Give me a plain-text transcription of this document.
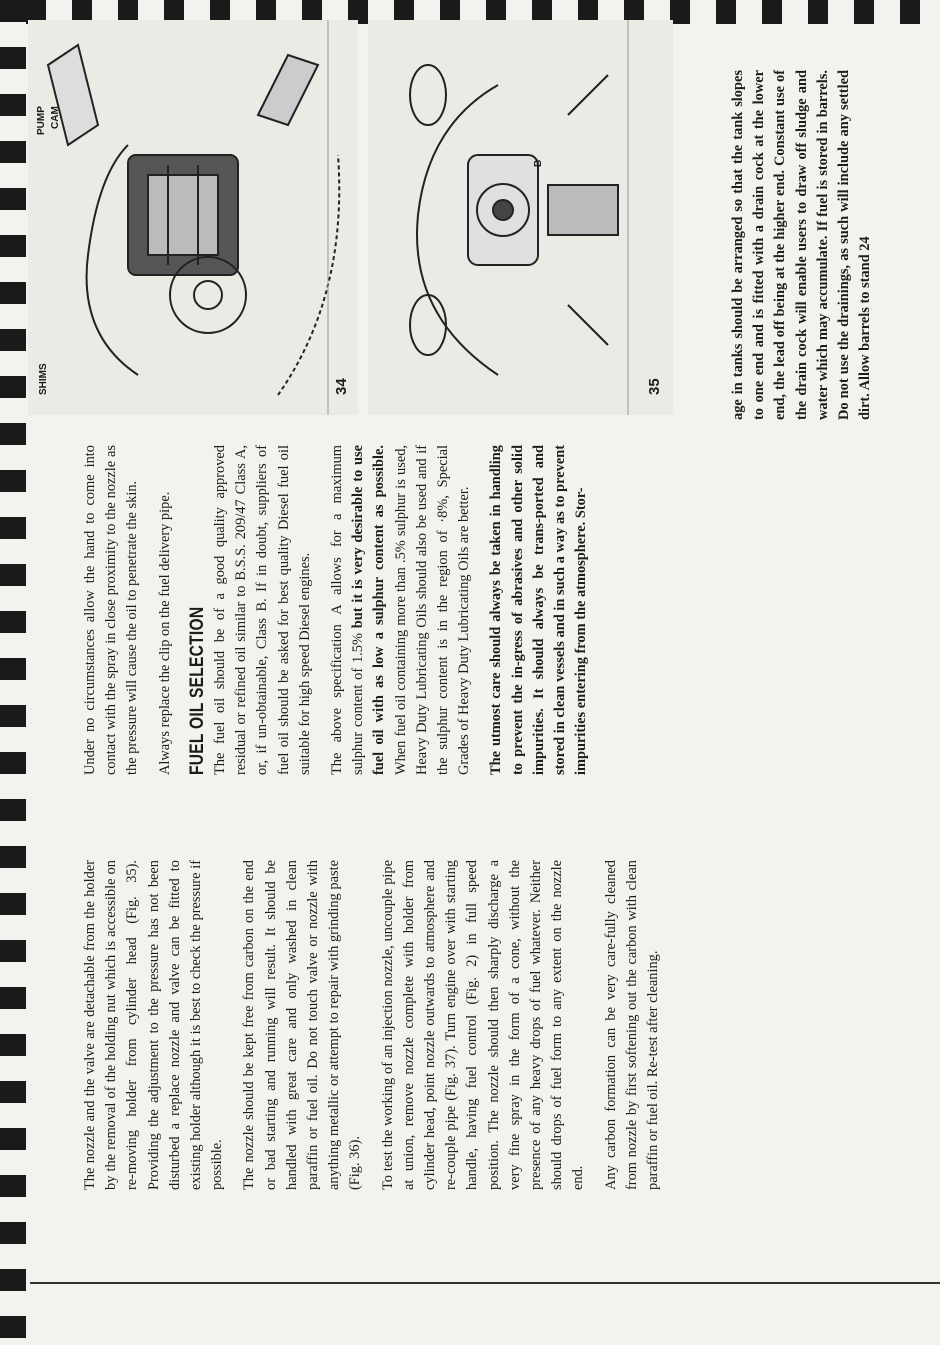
The nozzle and the valve are detachable from the holder by the removal of the holding nut which is accessible on re-moving holder from cylinder head (Fig. 35). Providing the adjustment to the pressure has not been disturbed a replace nozzle and valve can be fitted to existing holder although it is best to check the pressure if possible. The nozzle should be kept free from carbon on the end or bad starting and running will result. It should be handled with great care and only washed in clean paraffin or fuel oil. Do not touch valve or nozzle with anything metallic or attempt to repair with grinding paste (Fig. 36). To test the working of an injection nozzle, uncouple pipe at union, remove nozzle complete with holder from cylinder head, point nozzle outwards to atmosphere and re-couple pipe (Fig. 37). Turn engine over with starting handle, having fuel control (Fig. 2) in full speed position. The nozzle should then sharply discharge a very fine spray in the form of a cone, without the presence of any heavy drops of fuel whatever. Neither should drops of fuel form to any extent on the nozzle end. Any carbon formation can be very care-fully cleaned from nozzle by first softening out the carbon with clean paraffin or fuel oil. Re-test after cleaning.

Under no circumstances allow the hand to come into contact with the spray in close proximity to the nozzle as the pressure will cause the oil to penetrate the skin. Always replace the clip on the fuel delivery pipe. FUEL OIL SELECTION The fuel oil should be of a good quality approved residual or refined oil similar to B.S.S. 209/47 Class A, or, if un-obtainable, Class B. If in doubt, suppliers of fuel oil should be asked for best quality Diesel fuel oil suitable for high speed Diesel engines. The above specification A allows for a maximum sulphur content of 1.5% but it is very desirable to use fuel oil with as low a sulphur content as possible. When fuel oil containing more than .5% sulphur is used, Heavy Duty Lubricating Oils should also be used and if the sulphur content is in the region of ·8%, Special Grades of Heavy Duty Lubricating Oils are better. The utmost care should always be taken in handling to prevent the in-gress of abrasives and other solid impurities. It should always be trans-ported and stored in clean vessels and in such a way as to prevent impurities entering from the atmosphere. Stor-

age in tanks should be arranged so that the tank slopes to one end and is fitted with a drain cock at the lower end, the lead off being at the higher end. Constant use of the drain cock will enable users to draw off sludge and water which may accumulate. If fuel is stored in barrels. Do not use the drainings, as such will include any settled dirt. Allow barrels to stand 24

PUMP CAM
SHIMS	34
B
35
